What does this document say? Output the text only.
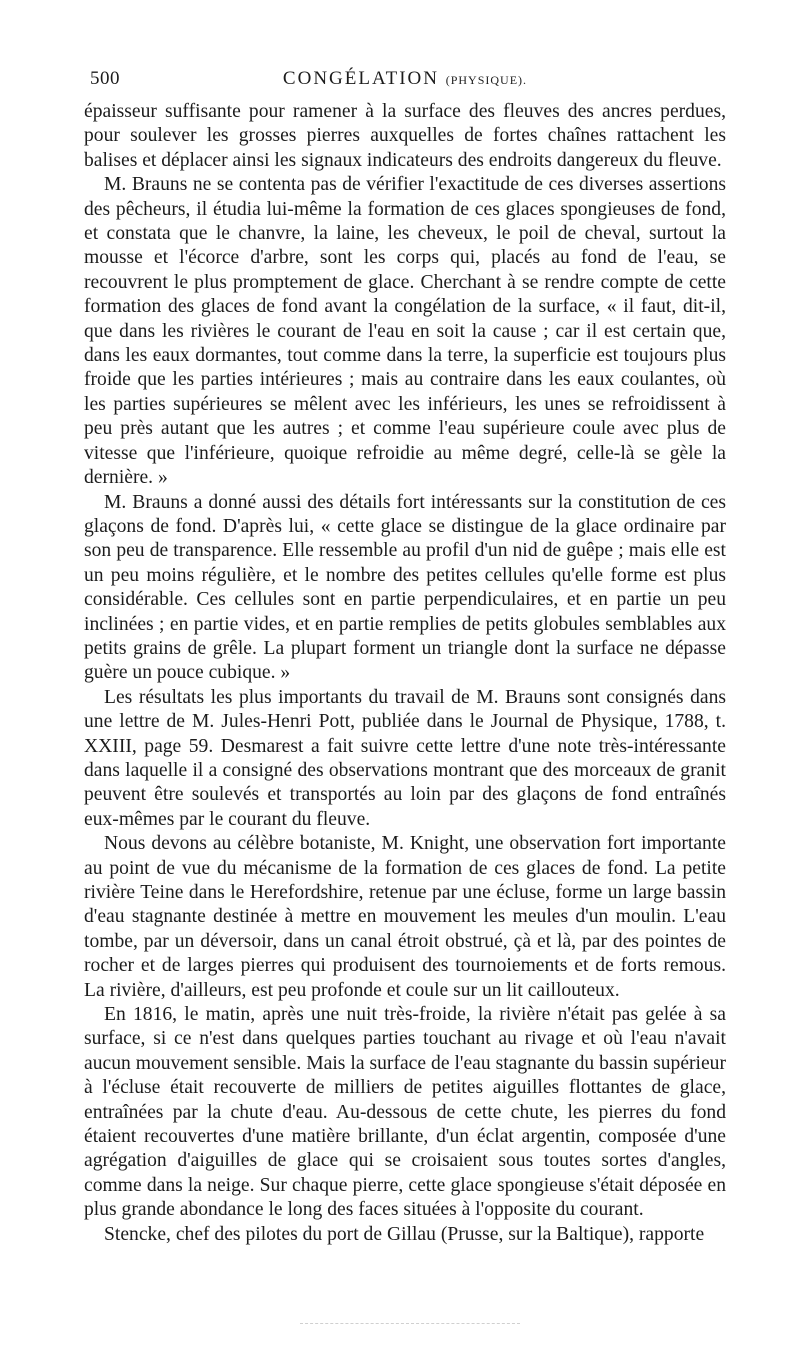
500	CONGÉLATION (PHYSIQUE).

épaisseur suffisante pour ramener à la surface des fleuves des ancres perdues, pour soulever les grosses pierres auxquelles de fortes chaînes rattachent les balises et déplacer ainsi les signaux indicateurs des endroits dangereux du fleuve.

M. Brauns ne se contenta pas de vérifier l'exactitude de ces diverses assertions des pêcheurs, il étudia lui-même la formation de ces glaces spongieuses de fond, et constata que le chanvre, la laine, les cheveux, le poil de cheval, surtout la mousse et l'écorce d'arbre, sont les corps qui, placés au fond de l'eau, se recouvrent le plus promptement de glace. Cherchant à se rendre compte de cette formation des glaces de fond avant la congélation de la surface, « il faut, dit-il, que dans les rivières le courant de l'eau en soit la cause ; car il est certain que, dans les eaux dormantes, tout comme dans la terre, la superficie est toujours plus froide que les parties intérieures ; mais au contraire dans les eaux coulantes, où les parties supérieures se mêlent avec les inférieurs, les unes se refroidissent à peu près autant que les autres ; et comme l'eau supérieure coule avec plus de vitesse que l'inférieure, quoique refroidie au même degré, celle-là se gèle la dernière. »

M. Brauns a donné aussi des détails fort intéressants sur la constitution de ces glaçons de fond. D'après lui, « cette glace se distingue de la glace ordinaire par son peu de transparence. Elle ressemble au profil d'un nid de guêpe ; mais elle est un peu moins régulière, et le nombre des petites cellules qu'elle forme est plus considérable. Ces cellules sont en partie perpendiculaires, et en partie un peu inclinées ; en partie vides, et en partie remplies de petits globules semblables aux petits grains de grêle. La plupart forment un triangle dont la surface ne dépasse guère un pouce cubique. »

Les résultats les plus importants du travail de M. Brauns sont consignés dans une lettre de M. Jules-Henri Pott, publiée dans le Journal de Physique, 1788, t. XXIII, page 59. Desmarest a fait suivre cette lettre d'une note très-intéressante dans laquelle il a consigné des observations montrant que des morceaux de granit peuvent être soulevés et transportés au loin par des glaçons de fond entraînés eux-mêmes par le courant du fleuve.

Nous devons au célèbre botaniste, M. Knight, une observation fort importante au point de vue du mécanisme de la formation de ces glaces de fond. La petite rivière Teine dans le Herefordshire, retenue par une écluse, forme un large bassin d'eau stagnante destinée à mettre en mouvement les meules d'un moulin. L'eau tombe, par un déversoir, dans un canal étroit obstrué, çà et là, par des pointes de rocher et de larges pierres qui produisent des tournoiements et de forts remous. La rivière, d'ailleurs, est peu profonde et coule sur un lit caillouteux.

En 1816, le matin, après une nuit très-froide, la rivière n'était pas gelée à sa surface, si ce n'est dans quelques parties touchant au rivage et où l'eau n'avait aucun mouvement sensible. Mais la surface de l'eau stagnante du bassin supérieur à l'écluse était recouverte de milliers de petites aiguilles flottantes de glace, entraînées par la chute d'eau. Au-dessous de cette chute, les pierres du fond étaient recouvertes d'une matière brillante, d'un éclat argentin, composée d'une agrégation d'aiguilles de glace qui se croisaient sous toutes sortes d'angles, comme dans la neige. Sur chaque pierre, cette glace spongieuse s'était déposée en plus grande abondance le long des faces situées à l'opposite du courant.

Stencke, chef des pilotes du port de Gillau (Prusse, sur la Baltique), rapporte
